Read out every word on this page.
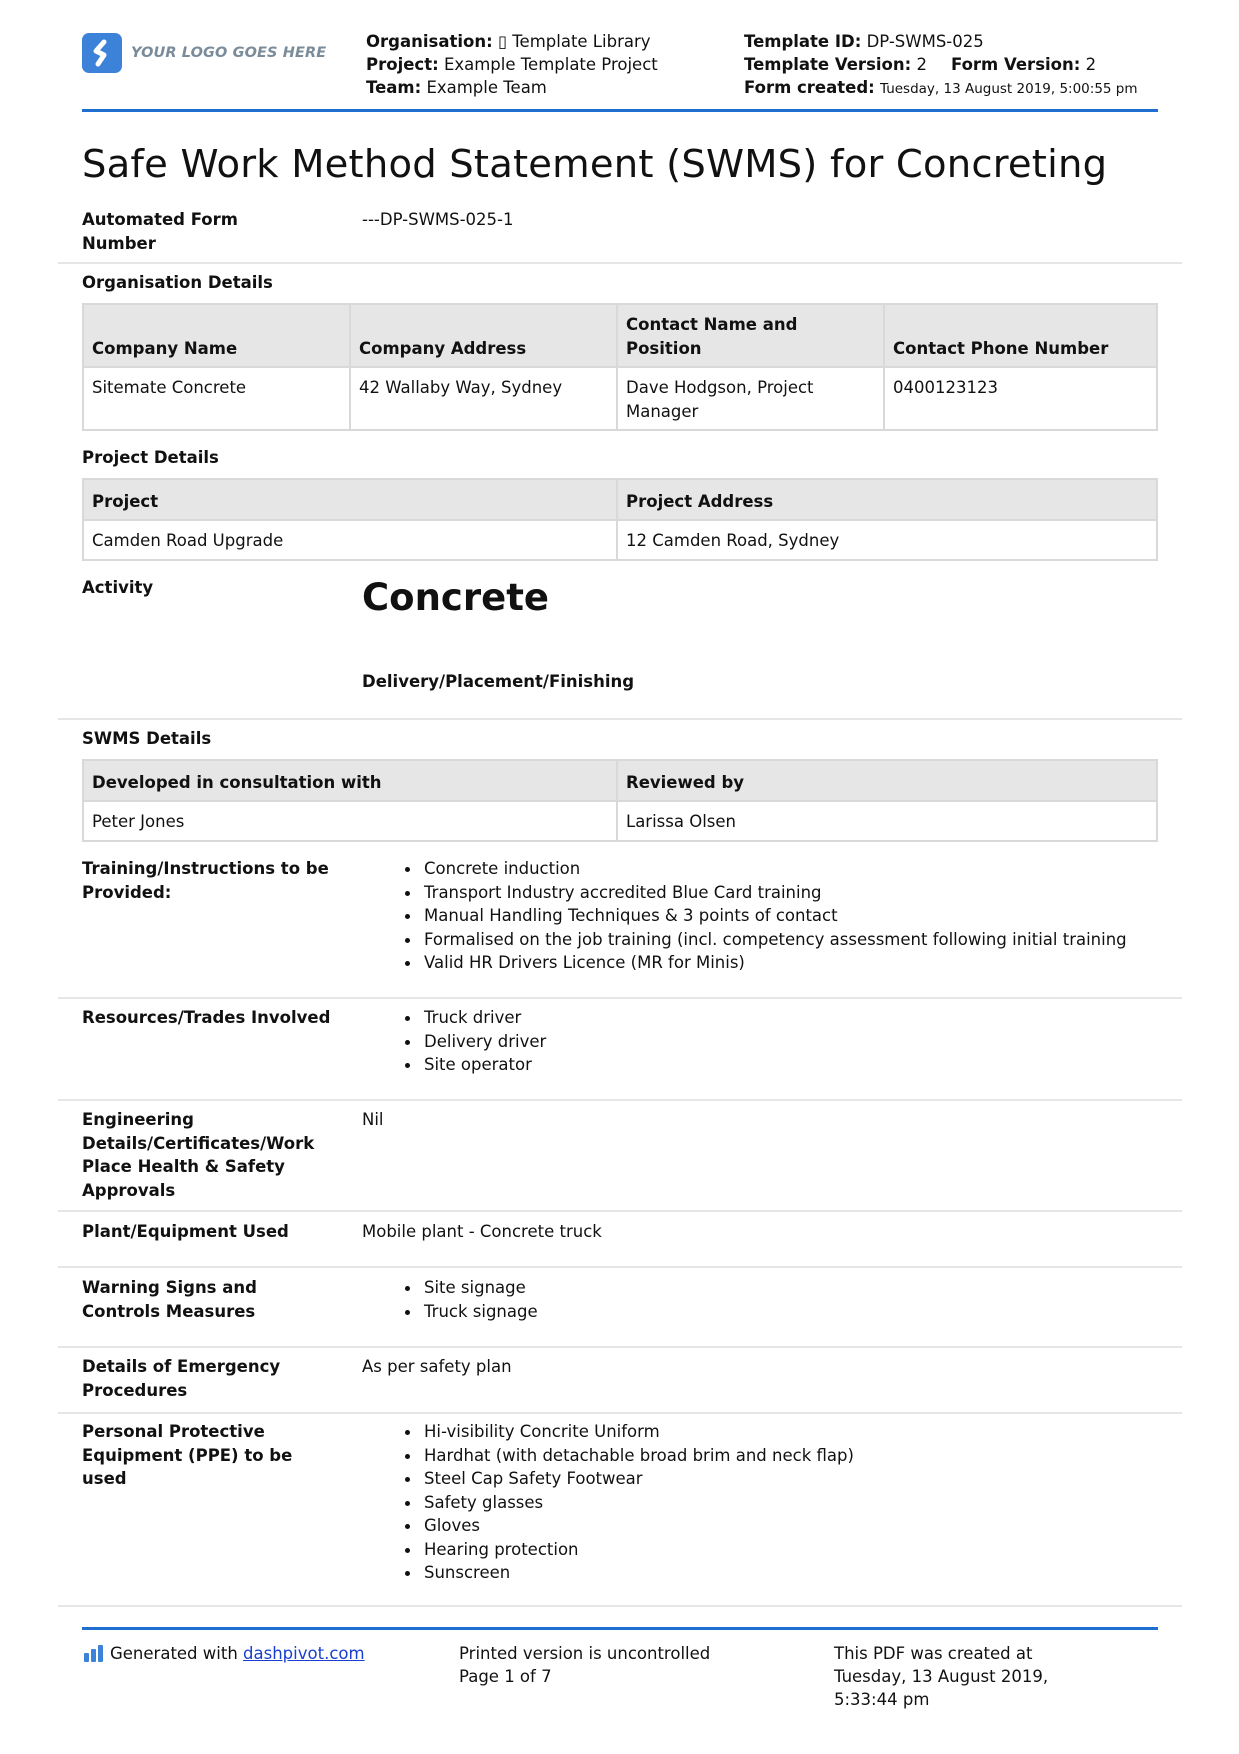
YOUR LOGO GOES HERE
Organisation: ▯ Template Library
Project: Example Template Project
Team: Example Team
Template ID: DP-SWMS-025
Template Version: 2 Form Version: 2
Form created: Tuesday, 13 August 2019, 5:00:55 pm
Safe Work Method Statement (SWMS) for Concreting
Automated Form Number
---DP-SWMS-025-1
Organisation Details
Company Name	Company Address	Contact Name and Position	Contact Phone Number
Sitemate Concrete	42 Wallaby Way, Sydney	Dave Hodgson, Project Manager	0400123123
Project Details
Project	Project Address
Camden Road Upgrade	12 Camden Road, Sydney
Activity	Concrete
Delivery/Placement/Finishing
SWMS Details
Developed in consultation with	Reviewed by
Peter Jones	Larissa Olsen
Training/Instructions to be Provided:
Concrete induction
Transport Industry accredited Blue Card training
Manual Handling Techniques & 3 points of contact
Formalised on the job training (incl. competency assessment following initial training
Valid HR Drivers Licence (MR for Minis)
Resources/Trades Involved	Truck driver
Delivery driver
Site operator
Engineering Details/Certificates/Work Place Health & Safety Approvals
Nil
Plant/Equipment Used	Mobile plant - Concrete truck
Warning Signs and Controls Measures
Site signage
Truck signage
Details of Emergency Procedures
As per safety plan
Personal Protective Equipment (PPE) to be used
Hi-visibility Concrite Uniform
Hardhat (with detachable broad brim and neck flap)
Steel Cap Safety Footwear
Safety glasses
Gloves
Hearing protection
Sunscreen
Generated with dashpivot.com	Printed version is uncontrolled
Page 1 of 7
This PDF was created at Tuesday, 13 August 2019, 5:33:44 pm
